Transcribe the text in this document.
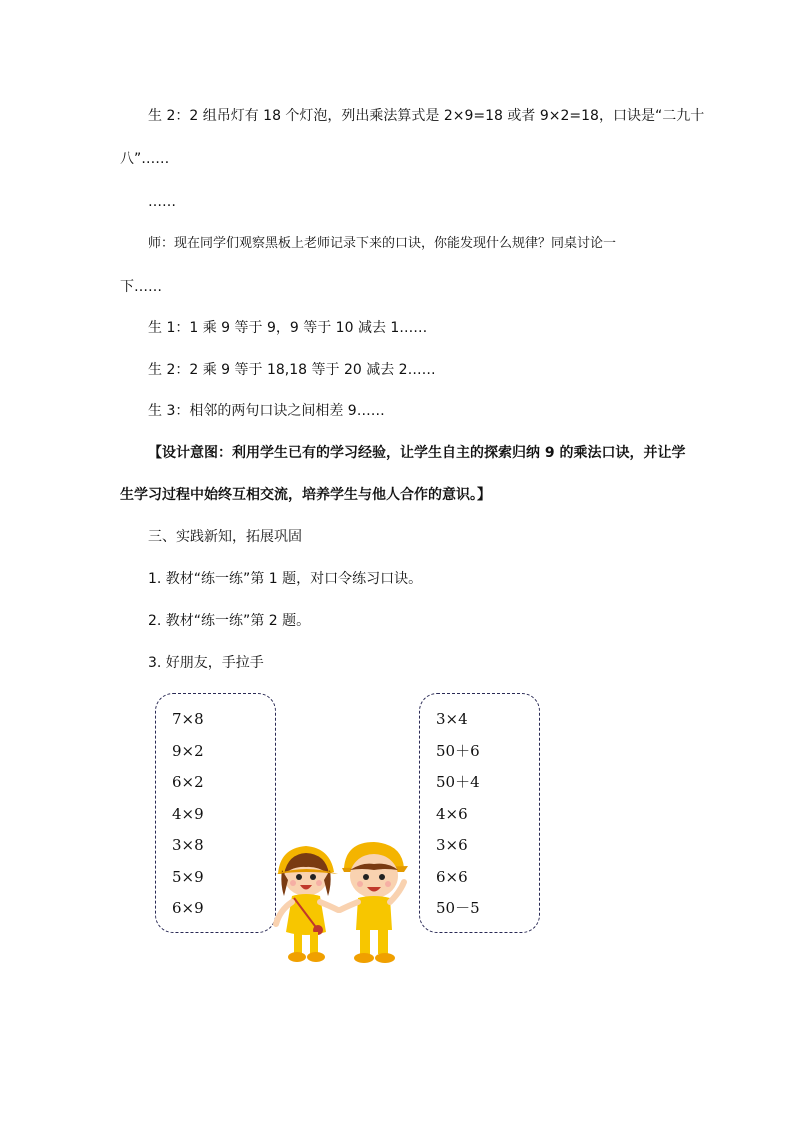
生 2：2 组吊灯有 18 个灯泡，列出乘法算式是 2×9=18 或者 9×2=18，口诀是“二九十
八”……
……
师：现在同学们观察黑板上老师记录下来的口诀，你能发现什么规律？同桌讨论一
下……
生 1：1 乘 9 等于 9，9 等于 10 减去 1……
生 2：2 乘 9 等于 18,18 等于 20 减去 2……
生 3：相邻的两句口诀之间相差 9……
【设计意图：利用学生已有的学习经验，让学生自主的探索归纳 9 的乘法口诀，并让学
生学习过程中始终互相交流，培养学生与他人合作的意识。】
三、实践新知，拓展巩固
1. 教材“练一练”第 1 题，对口令练习口诀。
2. 教材“练一练”第 2 题。
3. 好朋友，手拉手
7×8
9×2
6×2
4×9
3×8
5×9
6×9
3×4
50＋6
50＋4
4×6
3×6
6×6
50－5
